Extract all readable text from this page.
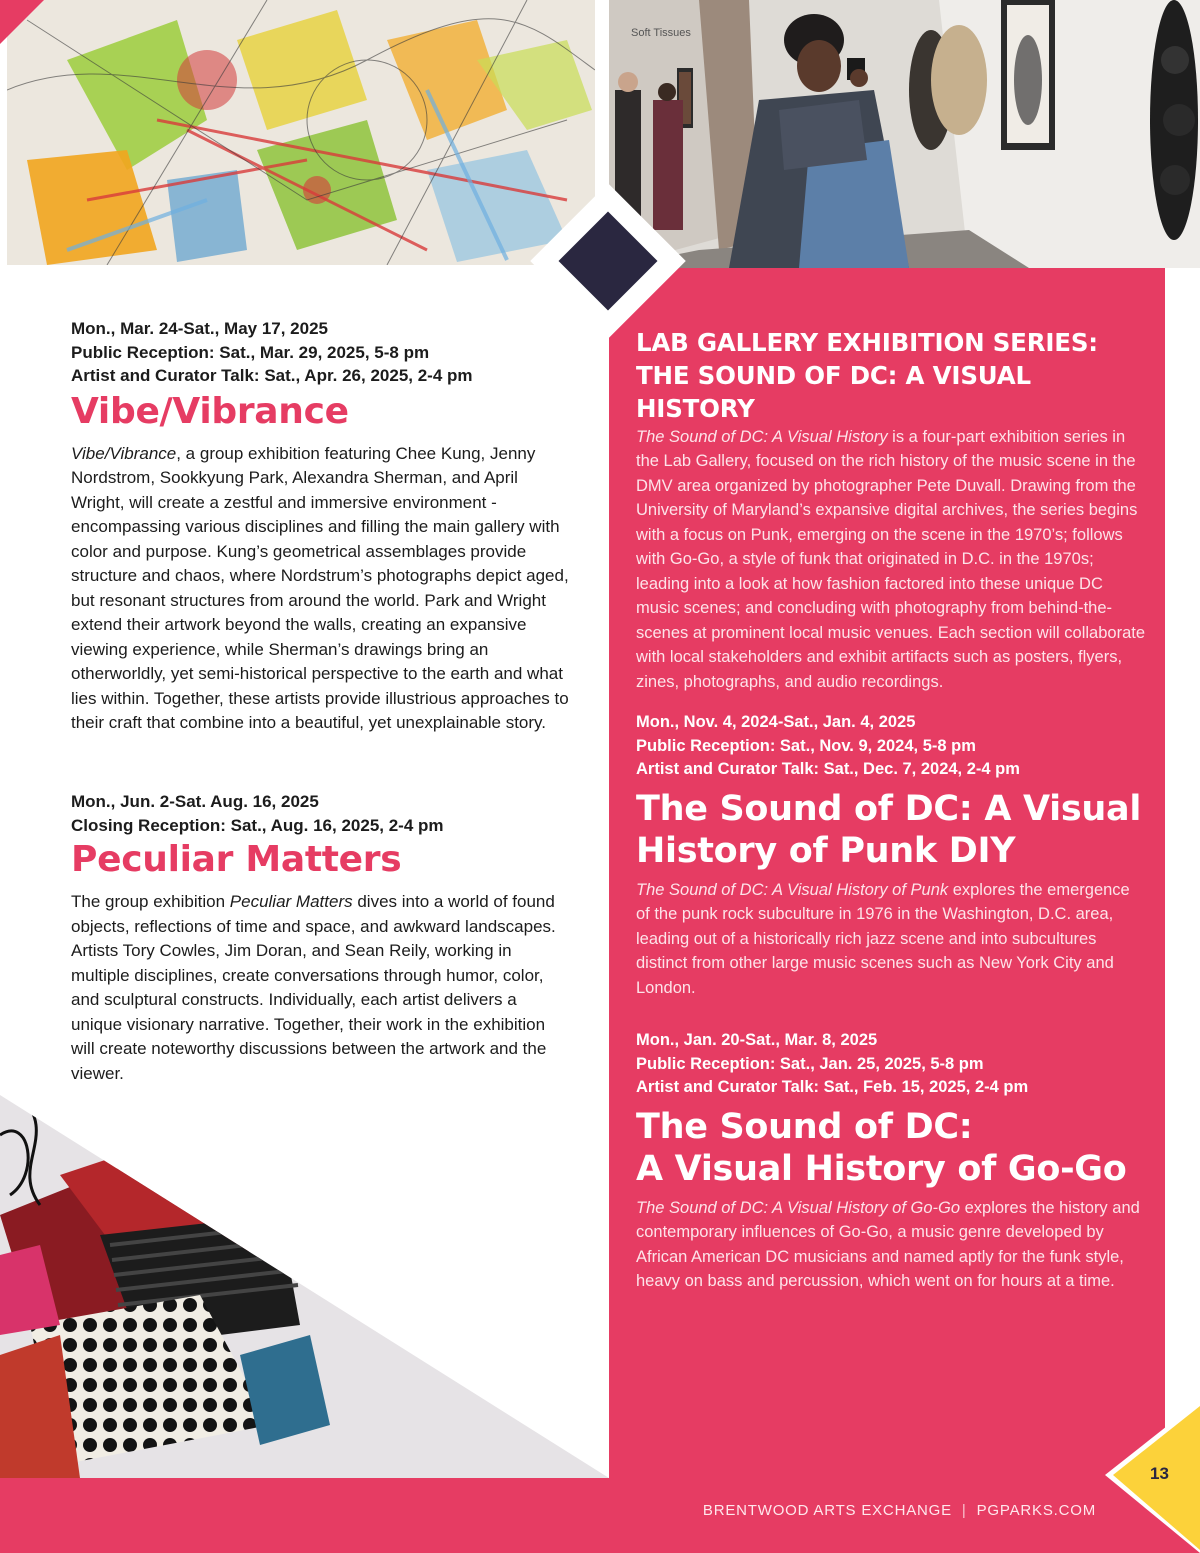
Soft Tissues
Mon., Mar. 24-Sat., May 17, 2025
Public Reception: Sat., Mar. 29, 2025, 5-8 pm
Artist and Curator Talk: Sat., Apr. 26, 2025, 2-4 pm
Vibe/Vibrance

Vibe/Vibrance, a group exhibition featuring Chee Kung, Jenny Nordstrom, Sookkyung Park, Alexandra Sherman, and April Wright, will create a zestful and immersive environment - encompassing various disciplines and filling the main gallery with color and purpose. Kung’s geometrical assemblages provide structure and chaos, where Nordstrum’s photographs depict aged, but resonant structures from around the world. Park and Wright extend their artwork beyond the walls, creating an expansive viewing experience, while Sherman’s drawings bring an otherworldly, yet semi-historical perspective to the earth and what lies within. Together, these artists provide illustrious approaches to their craft that combine into a beautiful, yet unexplainable story.

Mon., Jun. 2-Sat. Aug. 16, 2025
Closing Reception: Sat., Aug. 16, 2025, 2-4 pm
Peculiar Matters

The group exhibition Peculiar Matters dives into a world of found objects, reflections of time and space, and awkward landscapes. Artists Tory Cowles, Jim Doran, and Sean Reily, working in multiple disciplines, create conversations through humor, color, and sculptural constructs. Individually, each artist delivers a unique visionary narrative. Together, their work in the exhibition will create noteworthy discussions between the artwork and the viewer.

LAB GALLERY EXHIBITION SERIES:
THE SOUND OF DC: A VISUAL HISTORY

The Sound of DC: A Visual History is a four-part exhibition series in the Lab Gallery, focused on the rich history of the music scene in the DMV area organized by photographer Pete Duvall. Drawing from the University of Maryland’s expansive digital archives, the series begins with a focus on Punk, emerging on the scene in the 1970’s; follows with Go-Go, a style of funk that originated in D.C. in the 1970s; leading into a look at how fashion factored into these unique DC music scenes; and concluding with photography from behind-the-scenes at prominent local music venues. Each section will collaborate with local stakeholders and exhibit artifacts such as posters, flyers, zines, photographs, and audio recordings.

Mon., Nov. 4, 2024-Sat., Jan. 4, 2025
Public Reception: Sat., Nov. 9, 2024, 5-8 pm
Artist and Curator Talk: Sat., Dec. 7, 2024, 2-4 pm
The Sound of DC: A Visual
History of Punk DIY

The Sound of DC: A Visual History of Punk explores the emergence of the punk rock subculture in 1976 in the Washington, D.C. area, leading out of a historically rich jazz scene and into subcultures distinct from other large music scenes such as New York City and London.

Mon., Jan. 20-Sat., Mar. 8, 2025
Public Reception: Sat., Jan. 25, 2025, 5-8 pm
Artist and Curator Talk: Sat., Feb. 15, 2025, 2-4 pm
The Sound of DC:
A Visual History of Go-Go

The Sound of DC: A Visual History of Go-Go explores the history and contemporary influences of Go-Go, a music genre developed by African American DC musicians and named aptly for the funk style, heavy on bass and percussion, which went on for hours at a time.

BRENTWOOD ARTS EXCHANGE | PGPARKS.COM
13
